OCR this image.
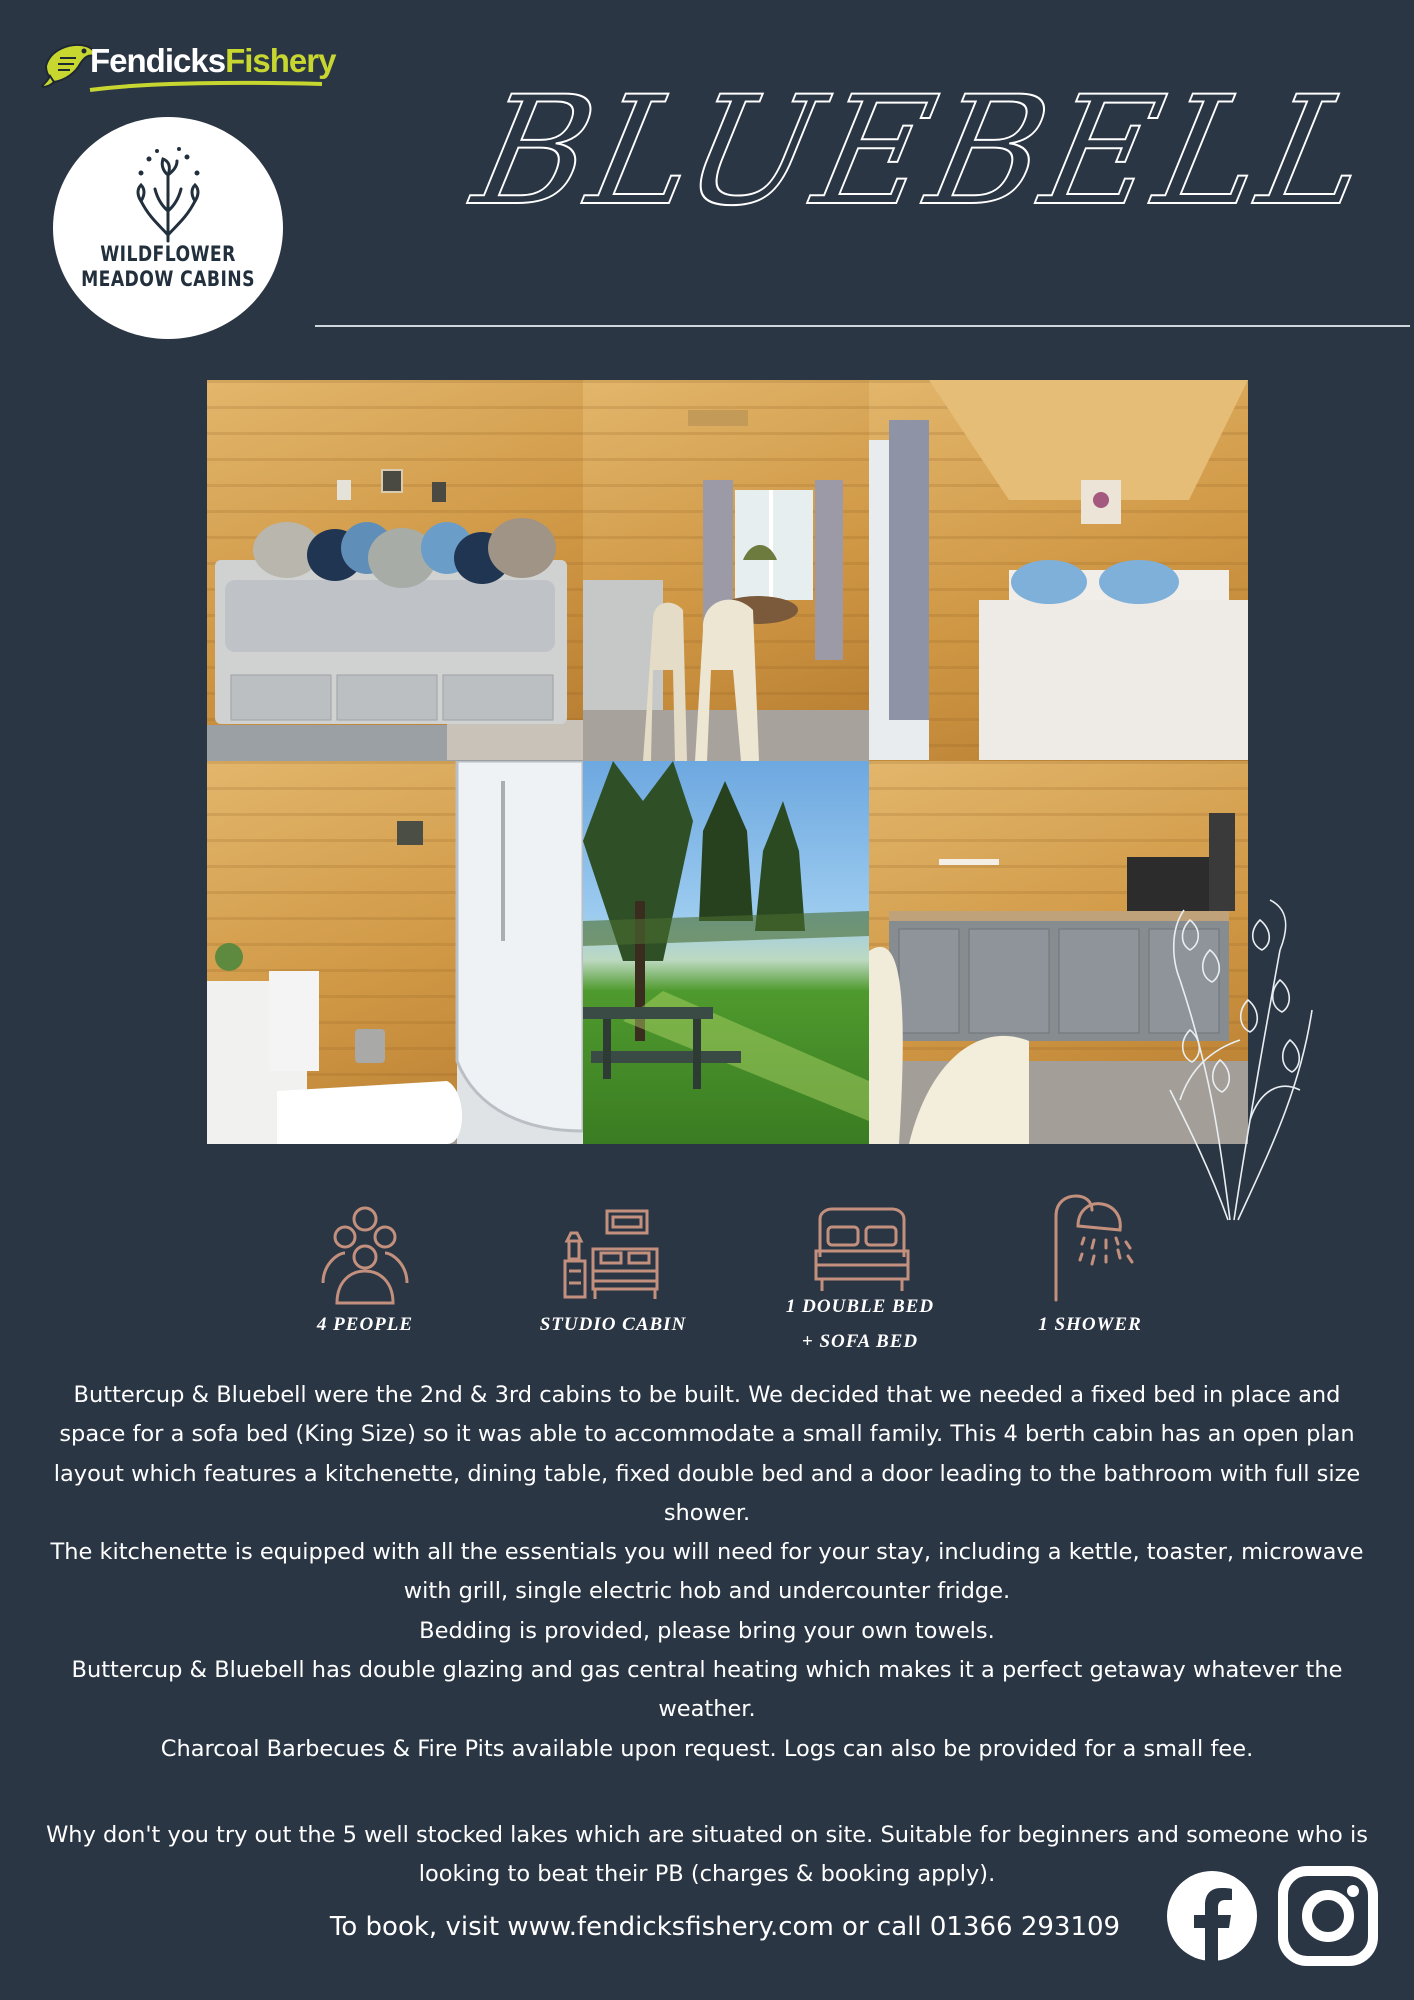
FendicksFishery
WILDFLOWER
MEADOW CABINS
BLUEBELL
4 PEOPLE	STUDIO CABIN
1 DOUBLE BED
+ SOFA BED
1 SHOWER

Buttercup & Bluebell were the 2nd & 3rd cabins to be built. We decided that we needed a fixed bed in place and space for a sofa bed (King Size) so it was able to accommodate a small family. This 4 berth cabin has an open plan layout which features a kitchenette, dining table, fixed double bed and a door leading to the bathroom with full size shower.

The kitchenette is equipped with all the essentials you will need for your stay, including a kettle, toaster, microwave with grill, single electric hob and undercounter fridge.

Bedding is provided, please bring your own towels.

Buttercup & Bluebell has double glazing and gas central heating which makes it a perfect getaway whatever the weather.

Charcoal Barbecues & Fire Pits available upon request. Logs can also be provided for a small fee.

Why don't you try out the 5 well stocked lakes which are situated on site. Suitable for beginners and someone who is looking to beat their PB (charges & booking apply).

To book, visit www.fendicksfishery.com or call 01366 293109
